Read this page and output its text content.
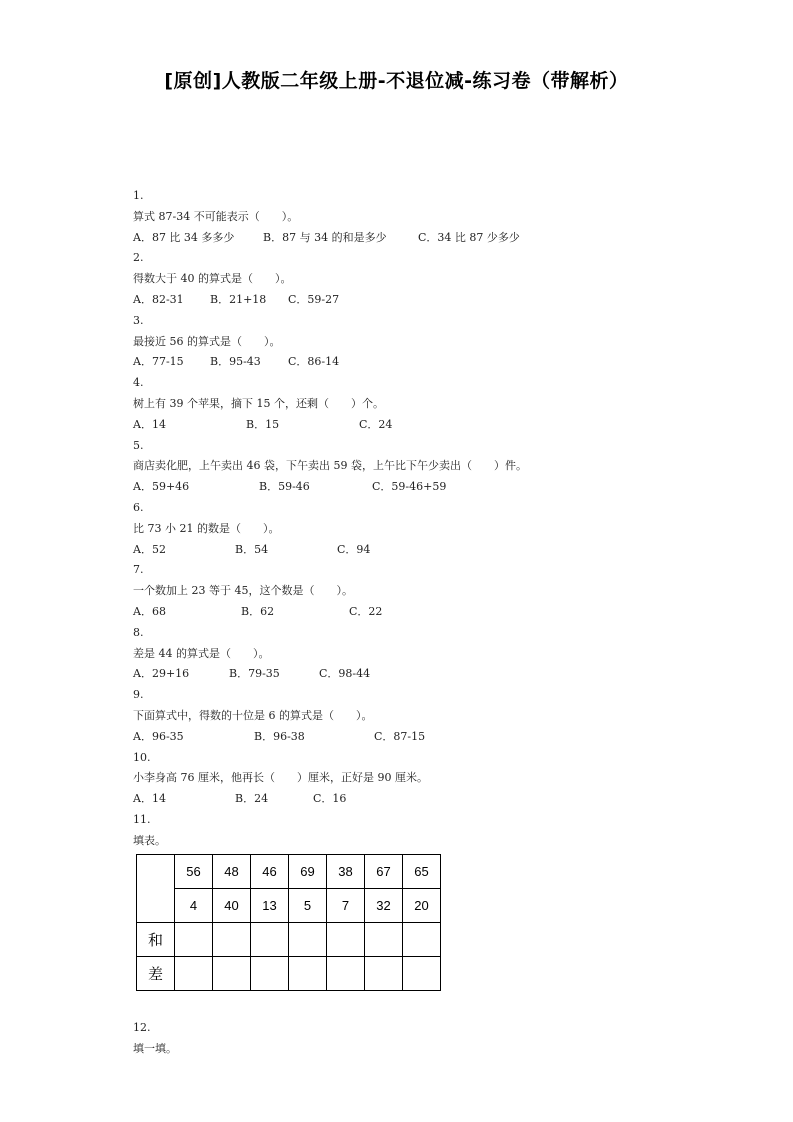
[原创]人教版二年级上册-不退位减-练习卷（带解析）
1.
算式 87-34 不可能表示（　　）。
A．87 比 34 多多少	B．87 与 34 的和是多少	C．34 比 87 少多少
2.
得数大于 40 的算式是（　　）。
A．82-31	B．21+18	C．59-27
3.
最接近 56 的算式是（　　）。
A．77-15	B．95-43	C．86-14
4.
树上有 39 个苹果，摘下 15 个，还剩（　　）个。
A．14	B．15	C．24
5.
商店卖化肥，上午卖出 46 袋，下午卖出 59 袋，上午比下午少卖出（　　）件。
A．59+46	B．59-46	C．59-46+59
6.
比 73 小 21 的数是（　　）。
A．52	B．54	C．94
7.
一个数加上 23 等于 45，这个数是（　　）。
A．68	B．62	C．22
8.
差是 44 的算式是（　　）。
A．29+16	B．79-35	C．98-44
9.
下面算式中，得数的十位是 6 的算式是（　　）。
A．96-35	B．96-38	C．87-15
10.
小李身高 76 厘米，他再长（　　）厘米，正好是 90 厘米。
A．14	B．24	C．16
11.
填表。
	56	48	46	69	38	67	65
	4	40	13	5	7	32	20
和							
差							
12.
填一填。
